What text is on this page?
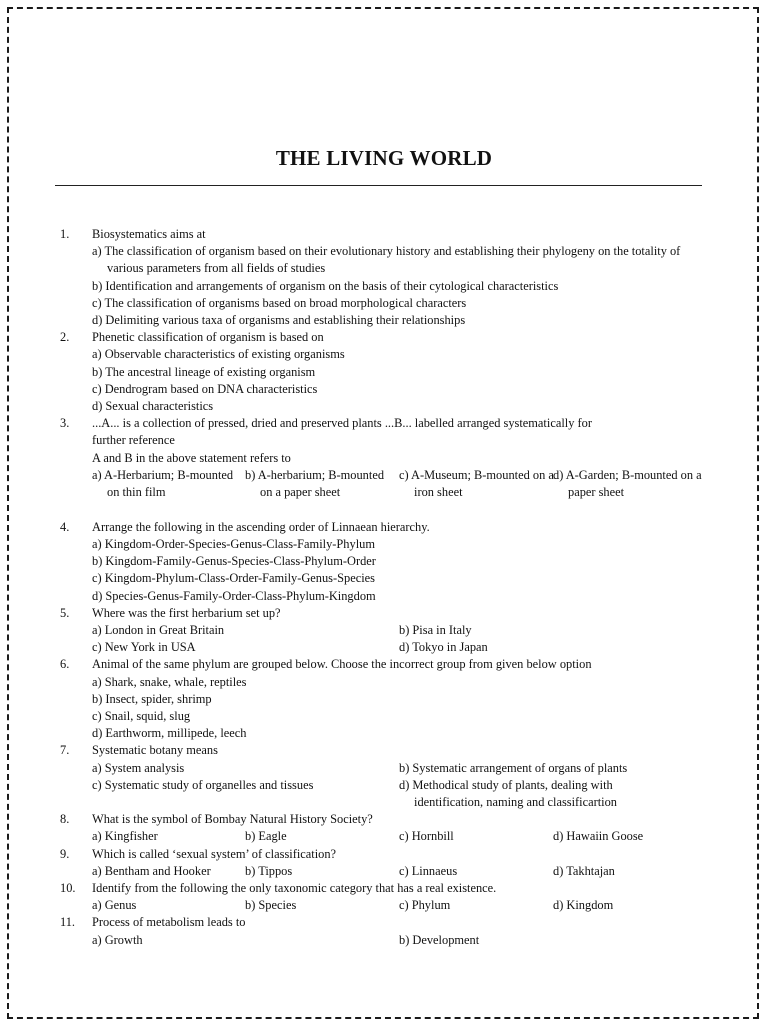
THE LIVING WORLD
1.	Biosystematics aims at
a) The classification of organism based on their evolutionary history and establishing their phylogeny on the totality of various parameters from all fields of studies
b) Identification and arrangements of organism on the basis of their cytological characteristics
c) The classification of organisms based on broad morphological characters
d) Delimiting various taxa of organisms and establishing their relationships
2.	Phenetic classification of organism is based on
a) Observable characteristics of existing organisms
b) The ancestral lineage of existing organism
c) Dendrogram based on DNA characteristics
d) Sexual characteristics
3.	...A... is a collection of pressed, dried and preserved plants ...B... labelled arranged systematically for
further reference
A and B in the above statement refers to
a) A-Herbarium; B-mounted on thin film
b) A-herbarium; B-mounted on a paper sheet
c) A-Museum; B-mounted on a iron sheet
d) A-Garden; B-mounted on a paper sheet
4.	Arrange the following in the ascending order of Linnaean hierarchy.
a) Kingdom-Order-Species-Genus-Class-Family-Phylum
b) Kingdom-Family-Genus-Species-Class-Phylum-Order
c) Kingdom-Phylum-Class-Order-Family-Genus-Species
d) Species-Genus-Family-Order-Class-Phylum-Kingdom
5.	Where was the first herbarium set up?
a) London in Great Britain	b) Pisa in Italy
c) New York in USA	d) Tokyo in Japan
6.	Animal of the same phylum are grouped below. Choose the incorrect group from given below option
a) Shark, snake, whale, reptiles
b) Insect, spider, shrimp
c) Snail, squid, slug
d) Earthworm, millipede, leech
7.	Systematic botany means
a) System analysis	b) Systematic arrangement of organs of plants
c) Systematic study of organelles and tissues	d) Methodical study of plants, dealing with identification, naming and classificartion
8.	What is the symbol of Bombay Natural History Society?
a) Kingfisher	b) Eagle	c) Hornbill	d) Hawaiin Goose
9.	Which is called ‘sexual system’ of classification?
a) Bentham and Hooker	b) Tippos	c) Linnaeus	d) Takhtajan
10.	Identify from the following the only taxonomic category that has a real existence.
a) Genus	b) Species	c) Phylum	d) Kingdom
11.	Process of metabolism leads to
a) Growth	b) Development
